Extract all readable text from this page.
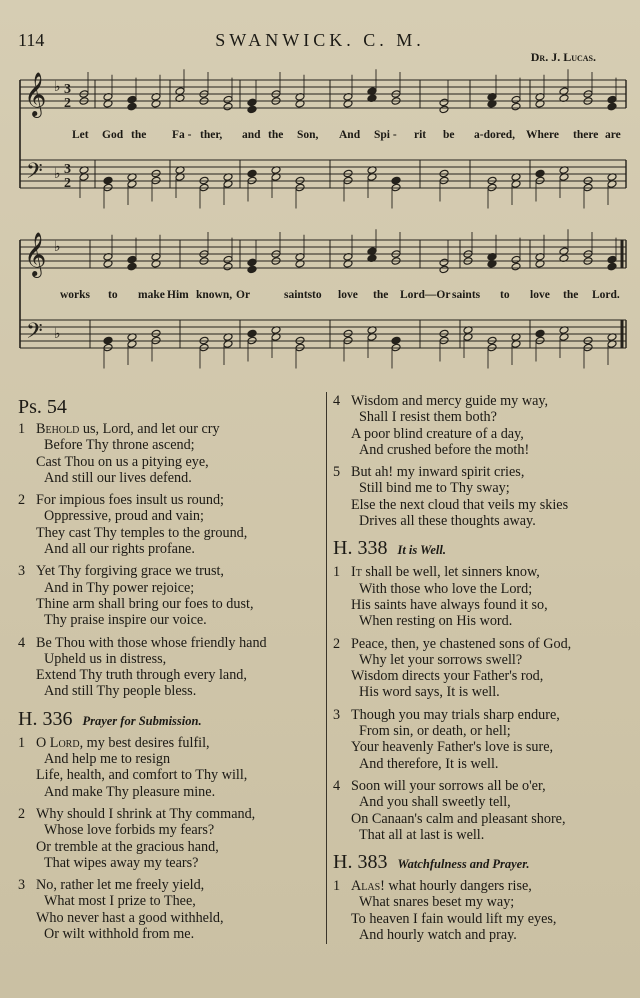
114	SWANWICK. C. M.
Dr. J. Lucas.
𝄞
𝄢
♭
♭
3
2
3
2
𝄞
𝄢
♭
♭
Let God the Fa - ther, and the Son, And Spi - rit be a-dored, Where there are
works to make Him known, Or	saints to love the Lord—Or saints to love the Lord.
Ps. 54
1 Behold us, Lord, and let our cry
Before Thy throne ascend;
Cast Thou on us a pitying eye,
And still our lives defend.
2 For impious foes insult us round;
Oppressive, proud and vain;
They cast Thy temples to the ground,
And all our rights profane.
3 Yet Thy forgiving grace we trust,
And in Thy power rejoice;
Thine arm shall bring our foes to dust,
Thy praise inspire our voice.
4 Be Thou with those whose friendly hand
Upheld us in distress,
Extend Thy truth through every land,
And still Thy people bless.
H. 336 Prayer for Submission.
1 O Lord, my best desires fulfil,
And help me to resign
Life, health, and comfort to Thy will,
And make Thy pleasure mine.
2 Why should I shrink at Thy command,
Whose love forbids my fears?
Or tremble at the gracious hand,
That wipes away my tears?
3 No, rather let me freely yield,
What most I prize to Thee,
Who never hast a good withheld,
Or wilt withhold from me.
4 Wisdom and mercy guide my way,
Shall I resist them both?
A poor blind creature of a day,
And crushed before the moth!
5 But ah! my inward spirit cries,
Still bind me to Thy sway;
Else the next cloud that veils my skies
Drives all these thoughts away.
H. 338 It is Well.
1 It shall be well, let sinners know,
With those who love the Lord;
His saints have always found it so,
When resting on His word.
2 Peace, then, ye chastened sons of God,
Why let your sorrows swell?
Wisdom directs your Father's rod,
His word says, It is well.
3 Though you may trials sharp endure,
From sin, or death, or hell;
Your heavenly Father's love is sure,
And therefore, It is well.
4 Soon will your sorrows all be o'er,
And you shall sweetly tell,
On Canaan's calm and pleasant shore,
That all at last is well.
H. 383 Watchfulness and Prayer.
1 Alas! what hourly dangers rise,
What snares beset my way;
To heaven I fain would lift my eyes,
And hourly watch and pray.
